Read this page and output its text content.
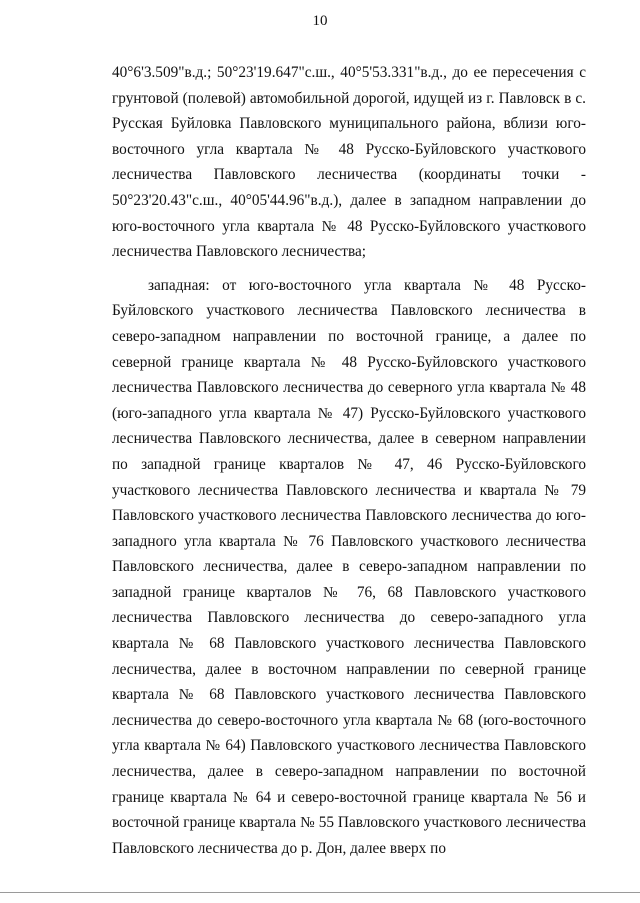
10

40°6'3.509"в.д.; 50°23'19.647"с.ш., 40°5'53.331"в.д., до ее пересечения с грунтовой (полевой) автомобильной дорогой, идущей из г. Павловск в с. Русская Буйловка Павловского муниципального района, вблизи юго-восточного угла квартала № 48 Русско-Буйловского участкового лесничества Павловского лесничества (координаты точки - 50°23'20.43"с.ш., 40°05'44.96"в.д.), далее в западном направлении до юго-восточного угла квартала № 48 Русско-Буйловского участкового лесничества Павловского лесничества;

западная: от юго-восточного угла квартала № 48 Русско-Буйловского участкового лесничества Павловского лесничества в северо-западном направлении по восточной границе, а далее по северной границе квартала № 48 Русско-Буйловского участкового лесничества Павловского лесничества до северного угла квартала № 48 (юго-западного угла квартала № 47) Русско-Буйловского участкового лесничества Павловского лесничества, далее в северном направлении по западной границе кварталов № 47, 46 Русско-Буйловского участкового лесничества Павловского лесничества и квартала № 79 Павловского участкового лесничества Павловского лесничества до юго-западного угла квартала № 76 Павловского участкового лесничества Павловского лесничества, далее в северо-западном направлении по западной границе кварталов № 76, 68 Павловского участкового лесничества Павловского лесничества до северо-западного угла квартала № 68 Павловского участкового лесничества Павловского лесничества, далее в восточном направлении по северной границе квартала № 68 Павловского участкового лесничества Павловского лесничества до северо-восточного угла квартала № 68 (юго-восточного угла квартала № 64) Павловского участкового лесничества Павловского лесничества, далее в северо-западном направлении по восточной границе квартала № 64 и северо-восточной границе квартала № 56 и восточной границе квартала № 55 Павловского участкового лесничества Павловского лесничества до р. Дон, далее вверх по
